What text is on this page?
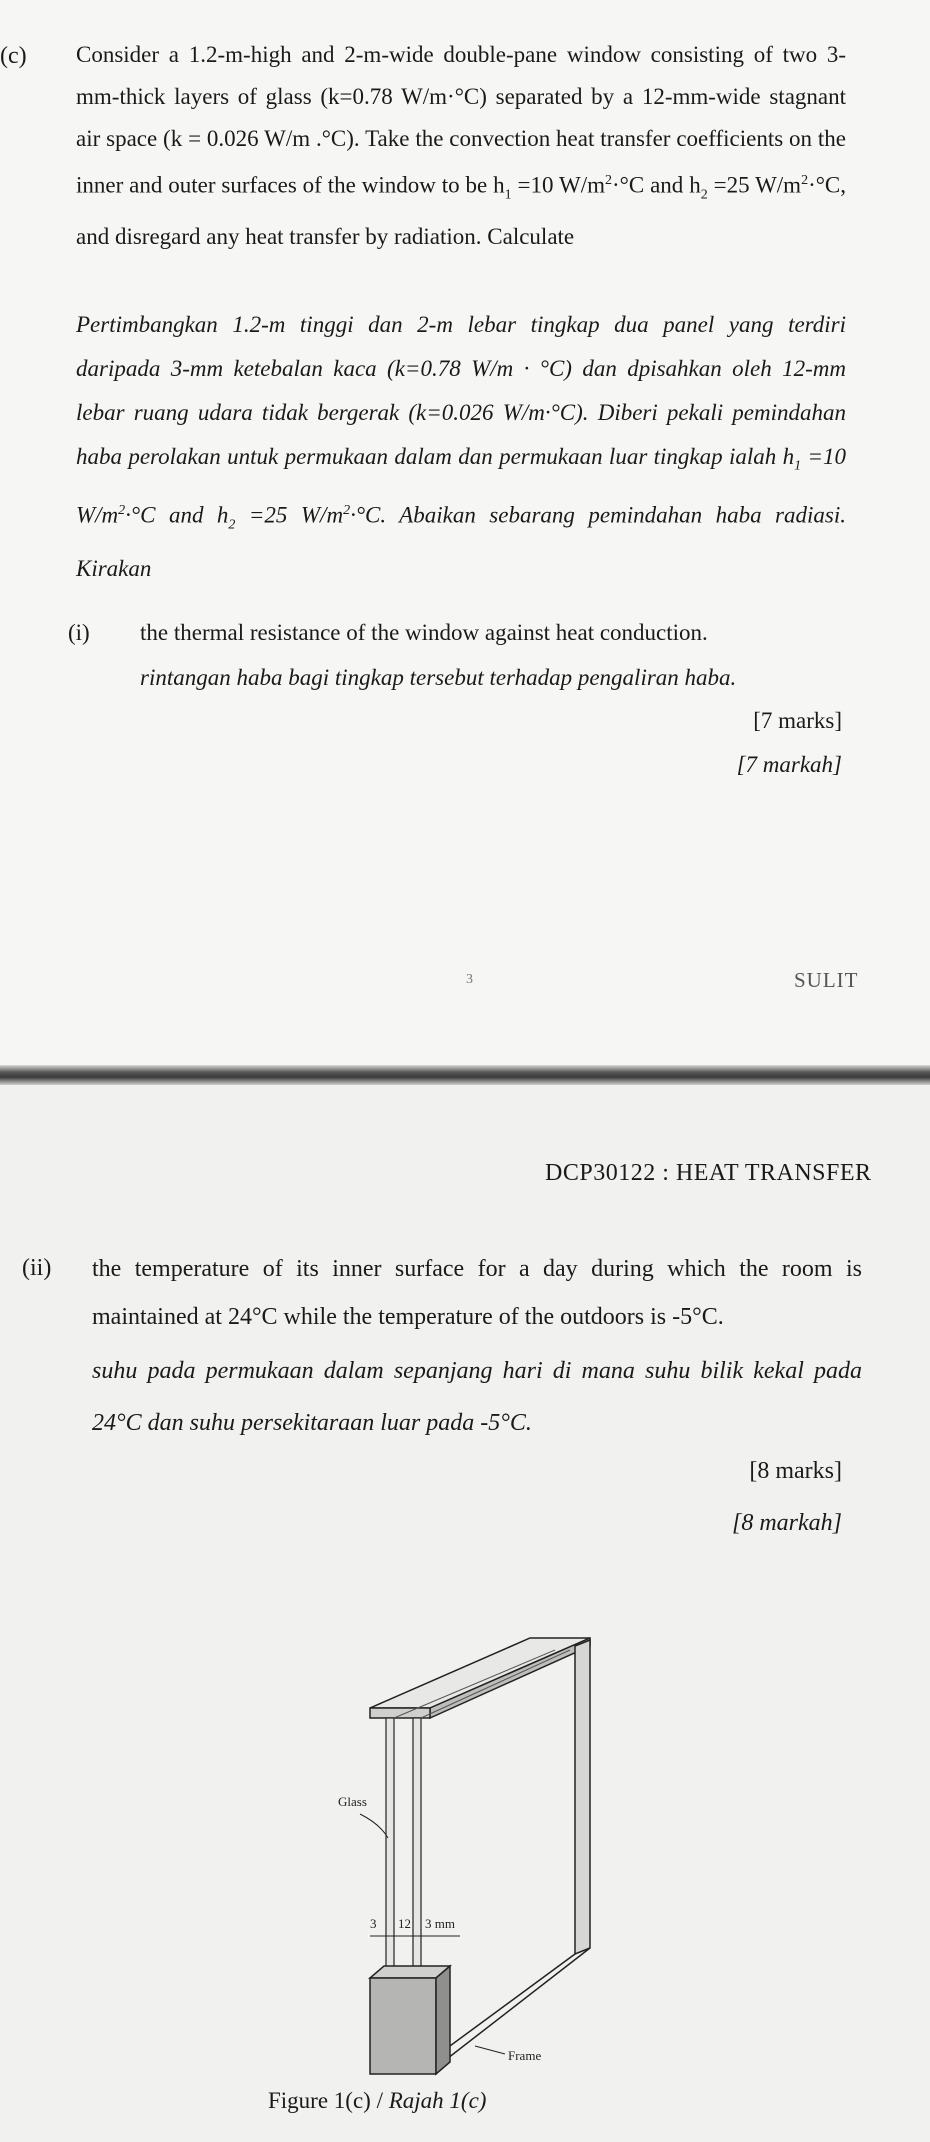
(c) Consider a 1.2-m-high and 2-m-wide double-pane window consisting of two 3-mm-thick layers of glass (k=0.78 W/m·°C) separated by a 12-mm-wide stagnant air space (k = 0.026 W/m .°C). Take the convection heat transfer coefficients on the inner and outer surfaces of the window to be $h_1 =10$ $W/m^2\cdot^\circ C$ and $h_2 =25$ $W/m^2\cdot^\circ C$, and disregard any heat transfer by radiation. Calculate
Pertimbangkan 1.2-m tinggi dan 2-m lebar tingkap dua panel yang terdiri daripada 3-mm ketebalan kaca (k=0.78 W/m · °C) dan dpisahkan oleh 12-mm lebar ruang udara tidak bergerak (k=0.026 W/m·°C). Diberi pekali pemindahan haba perolakan untuk permukaan dalam dan permukaan luar tingkap ialah $h_1 =10$ $W/m^2\cdot^\circ C$ and $h_2 =25$ $W/m^2\cdot^\circ C$. Abaikan sebarang pemindahan haba radiasi. Kirakan
(i) the thermal resistance of the window against heat conduction.
rintangan haba bagi tingkap tersebut terhadap pengaliran haba.
[7 marks]
[7 markah]
3	SULIT
DCP30122 : HEAT TRANSFER
(ii) the temperature of its inner surface for a day during which the room is maintained at 24°C while the temperature of the outdoors is -5°C.
suhu pada permukaan dalam sepanjang hari di mana suhu bilik kekal pada 24°C dan suhu persekitaraan luar pada -5°C.
[8 marks]
[8 markah]
Glass
3 12 3 mm
Frame
Figure 1(c) / Rajah 1(c)
